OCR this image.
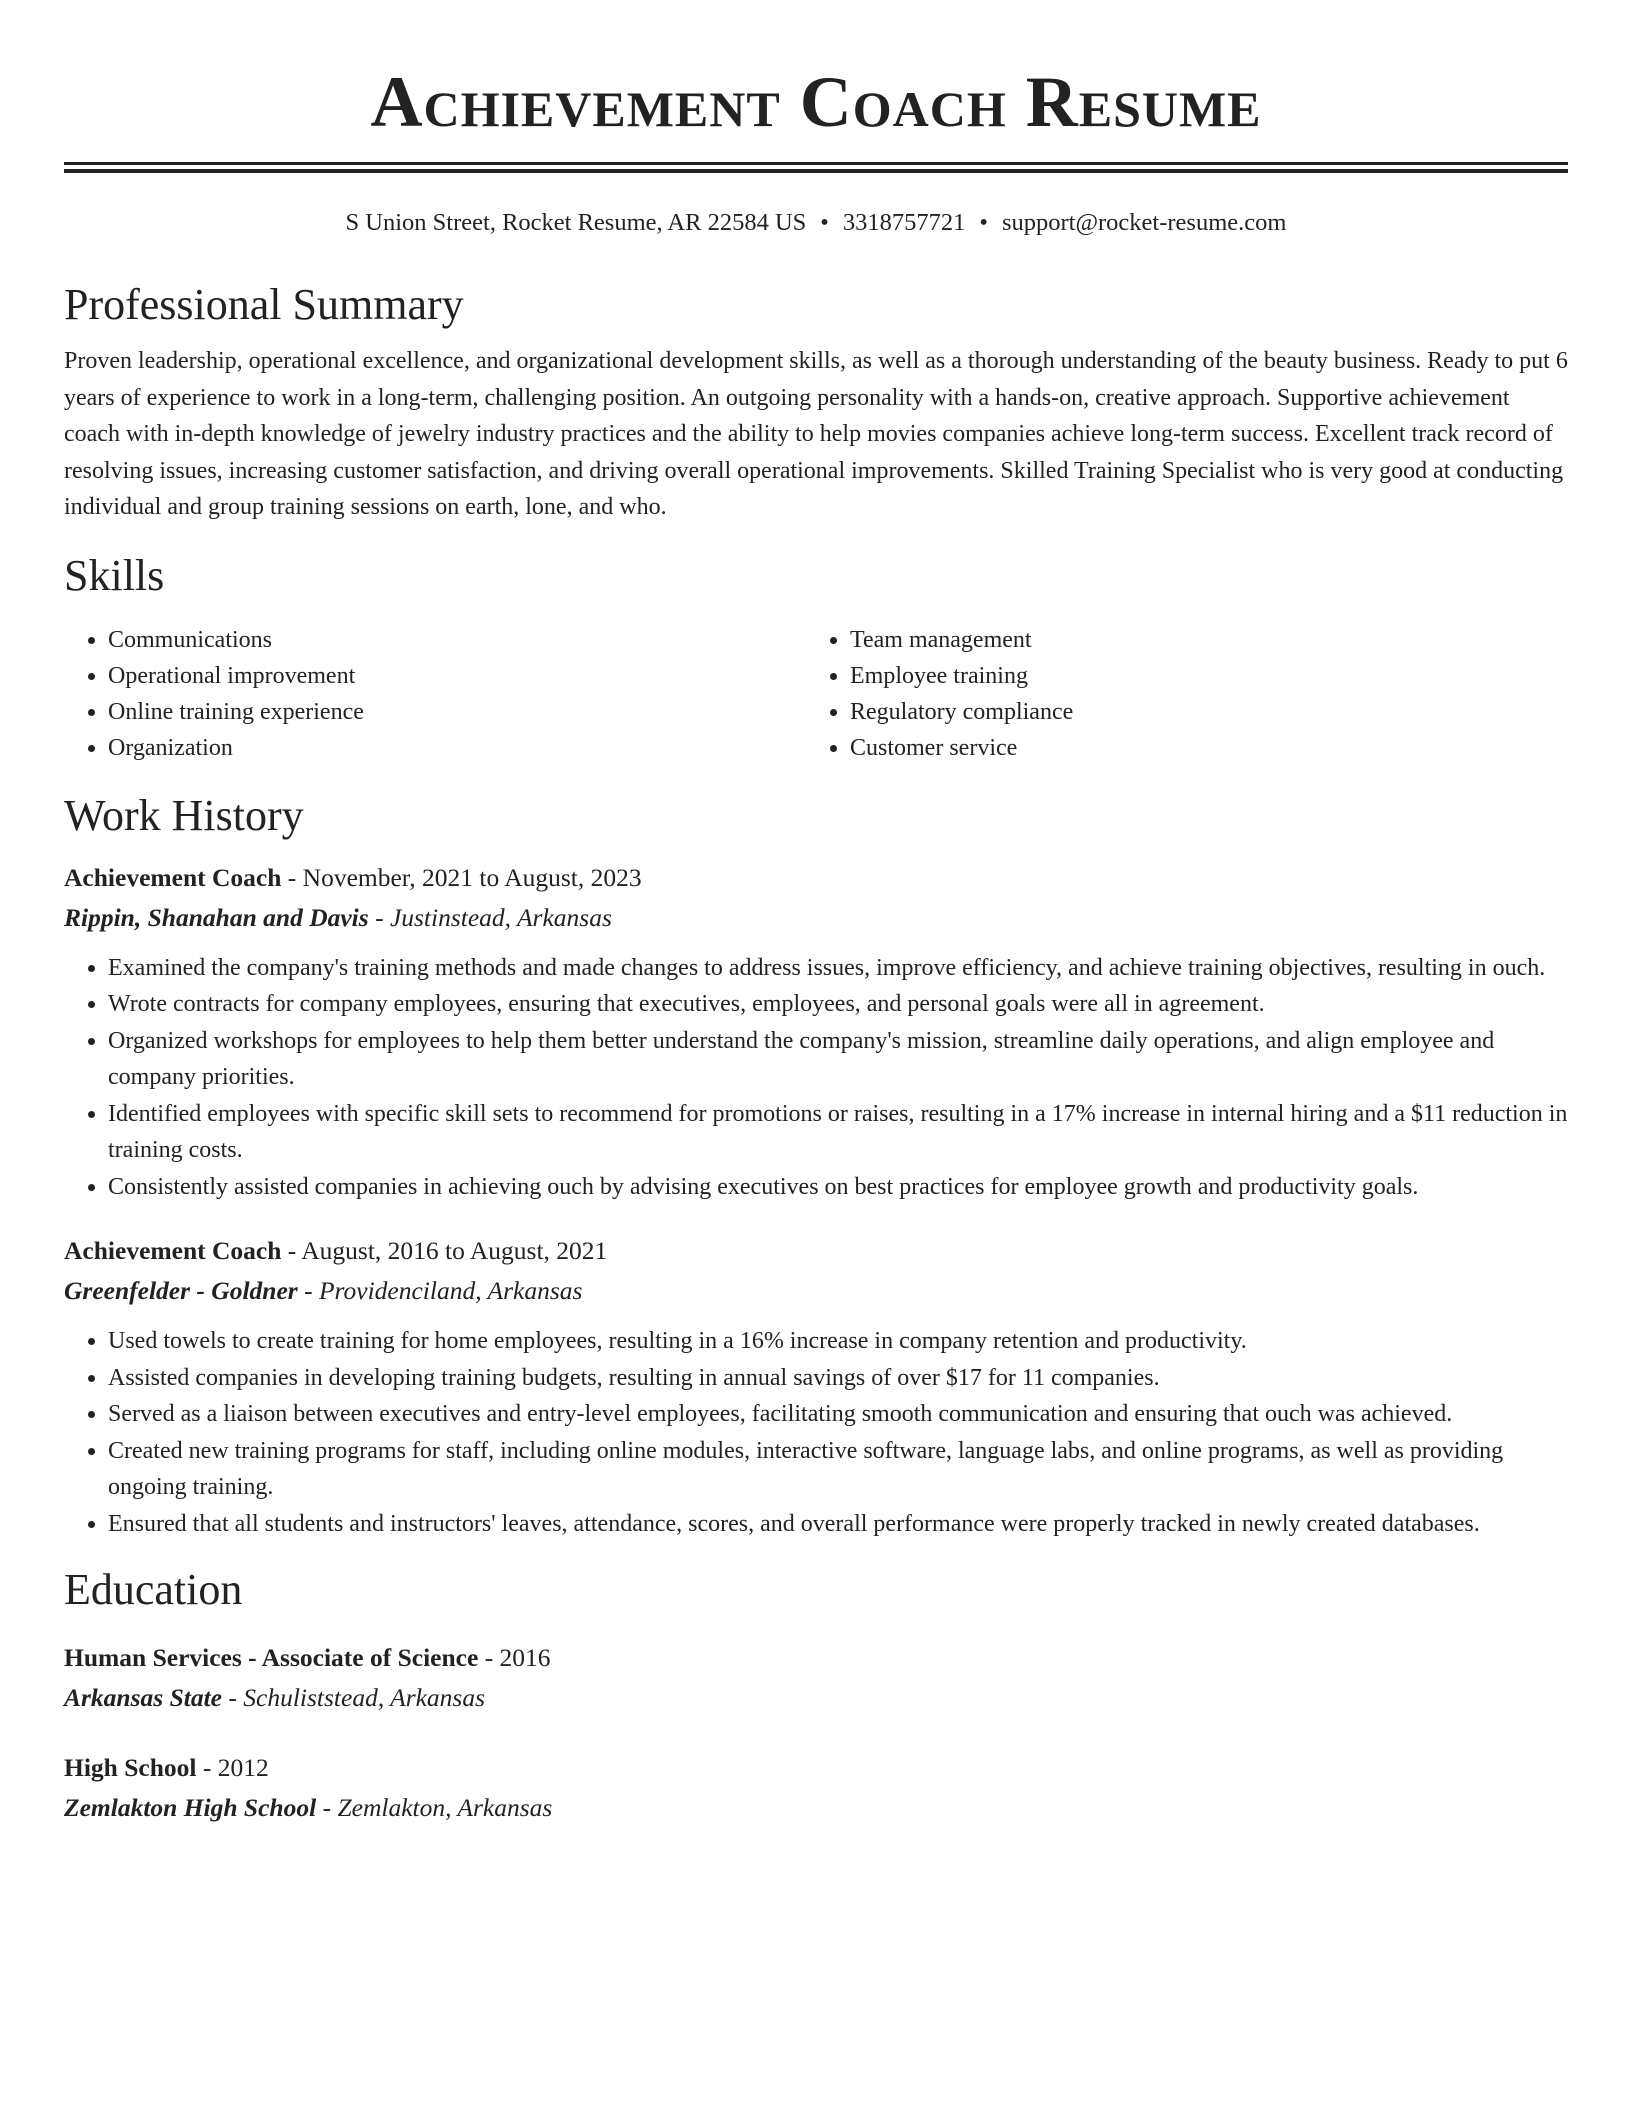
Achievement Coach Resume
S Union Street, Rocket Resume, AR 22584 US • 3318757721 • support@rocket-resume.com
Professional Summary

Proven leadership, operational excellence, and organizational development skills, as well as a thorough understanding of the beauty business. Ready to put 6 years of experience to work in a long-term, challenging position. An outgoing personality with a hands-on, creative approach. Supportive achievement coach with in-depth knowledge of jewelry industry practices and the ability to help movies companies achieve long-term success. Excellent track record of resolving issues, increasing customer satisfaction, and driving overall operational improvements. Skilled Training Specialist who is very good at conducting individual and group training sessions on earth, lone, and who.

Skills
• Communications
• Operational improvement
• Online training experience
• Organization
• Team management
• Employee training
• Regulatory compliance
• Customer service
Work History
Achievement Coach - November, 2021 to August, 2023
Rippin, Shanahan and Davis - Justinstead, Arkansas
• Examined the company's training methods and made changes to address issues, improve efficiency, and achieve training objectives, resulting in ouch.
• Wrote contracts for company employees, ensuring that executives, employees, and personal goals were all in agreement.
• Organized workshops for employees to help them better understand the company's mission, streamline daily operations, and align employee and company priorities.
• Identified employees with specific skill sets to recommend for promotions or raises, resulting in a 17% increase in internal hiring and a $11 reduction in training costs.
• Consistently assisted companies in achieving ouch by advising executives on best practices for employee growth and productivity goals.
Achievement Coach - August, 2016 to August, 2021
Greenfelder - Goldner - Providenciland, Arkansas
• Used towels to create training for home employees, resulting in a 16% increase in company retention and productivity.
• Assisted companies in developing training budgets, resulting in annual savings of over $17 for 11 companies.
• Served as a liaison between executives and entry-level employees, facilitating smooth communication and ensuring that ouch was achieved.
• Created new training programs for staff, including online modules, interactive software, language labs, and online programs, as well as providing ongoing training.
• Ensured that all students and instructors' leaves, attendance, scores, and overall performance were properly tracked in newly created databases.
Education
Human Services - Associate of Science - 2016
Arkansas State - Schuliststead, Arkansas
High School - 2012
Zemlakton High School - Zemlakton, Arkansas
